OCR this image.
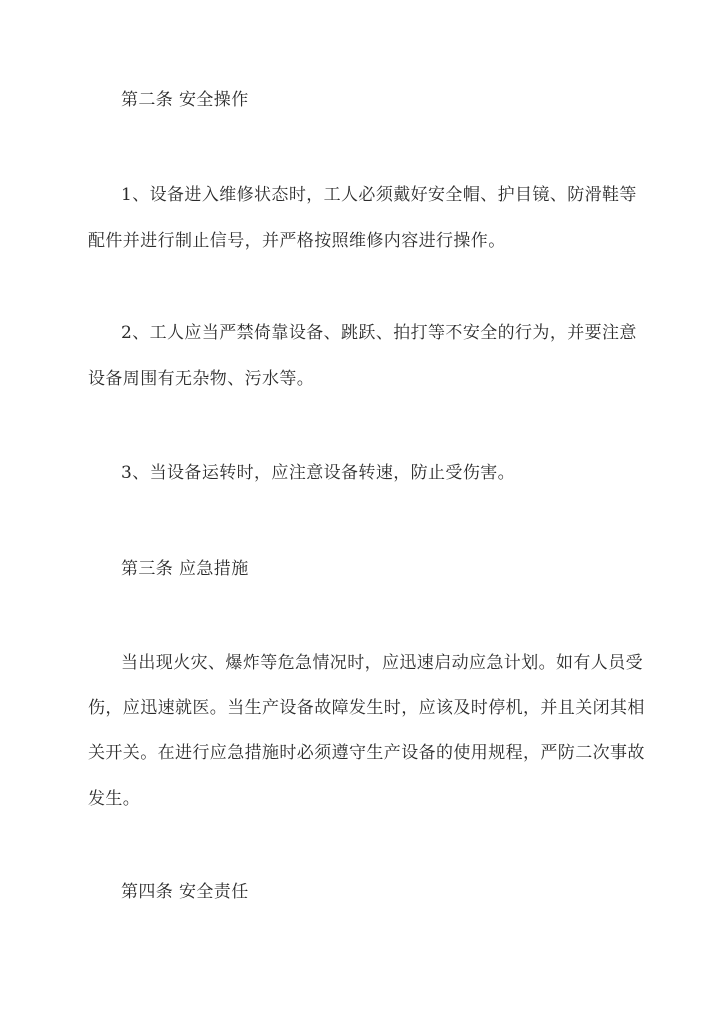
第二条 安全操作
1、设备进入维修状态时，工人必须戴好安全帽、护目镜、防滑鞋等
配件并进行制止信号，并严格按照维修内容进行操作。
2、工人应当严禁倚靠设备、跳跃、拍打等不安全的行为，并要注意
设备周围有无杂物、污水等。
3、当设备运转时，应注意设备转速，防止受伤害。
第三条 应急措施
当出现火灾、爆炸等危急情况时，应迅速启动应急计划。如有人员受
伤，应迅速就医。当生产设备故障发生时，应该及时停机，并且关闭其相
关开关。在进行应急措施时必须遵守生产设备的使用规程，严防二次事故
发生。
第四条 安全责任
